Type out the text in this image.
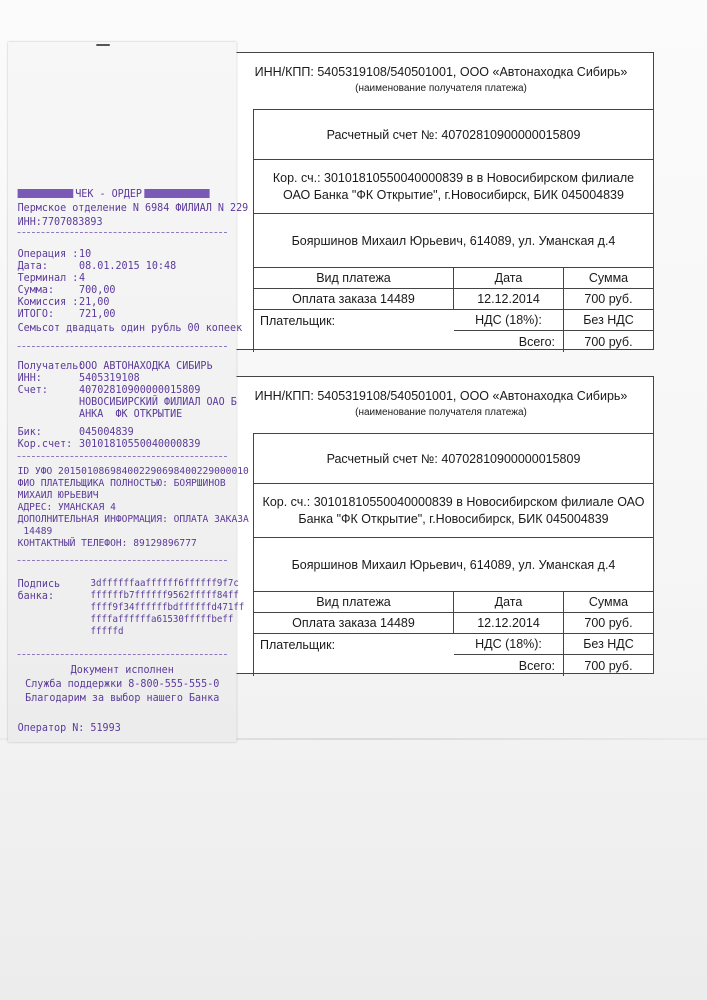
ИНН/КПП: 5405319108/540501001, ООО «Автонаходка Сибирь»
(наименование получателя платежа)
Расчетный счет №: 40702810900000015809
Кор. сч.: 30101810550040000839 в в Новосибирском филиале
ОАО Банка "ФК Открытие", г.Новосибирск, БИК 045004839
Бояршинов Михаил Юрьевич, 614089, ул. Уманская д.4
Вид платежа	Дата	Сумма
Оплата заказа 14489	12.12.2014	700 руб.
Плательщик:	НДС (18%):	Без НДС
Всего:	700 руб.
ИНН/КПП: 5405319108/540501001, ООО «Автонаходка Сибирь»
(наименование получателя платежа)
Расчетный счет №: 40702810900000015809
Кор. сч.: 30101810550040000839 в Новосибирском филиале ОАО
Банка "ФК Открытие", г.Новосибирск, БИК 045004839
Бояршинов Михаил Юрьевич, 614089, ул. Уманская д.4
Вид платежа	Дата	Сумма
Оплата заказа 14489	12.12.2014	700 руб.
Плательщик:	НДС (18%):	Без НДС
Всего:	700 руб.
ЧЕК - ОРДЕР
Пермское отделение N 6984 ФИЛИАЛ N 229
ИНН:7707083893
Операция : 10
Дата:	08.01.2015 10:48
Терминал : 4
Сумма:	700,00
Комиссия : 21,00
ИТОГО:	721,00
Семьсот двадцать один рубль 00 копеек
Получатель:
ООО АВТОНАХОДКА СИБИРЬ
ИНН:	5405319108
Счет:	40702810900000015809
НОВОСИБИРСКИЙ ФИЛИАЛ ОАО Б
АНКА  ФК ОТКРЫТИЕ
Бик:	045004839
Кор.счет: 30101810550040000839
ID УФО 201501086984002290698400229000010
ФИО ПЛАТЕЛЬЩИКА ПОЛНОСТЬЮ: БОЯРШИНОВ
МИХАИЛ ЮРЬЕВИЧ
АДРЕС: УМАНСКАЯ 4
ДОПОЛНИТЕЛЬНАЯ ИНФОРМАЦИЯ: ОПЛАТА ЗАКАЗА
14489
КОНТАКТНЫЙ ТЕЛЕФОН: 89129896777
Подпись
банка:
3dffffffaaffffff6ffffff9f7c
ffffffb7ffffff9562fffff84ff
ffff9f34ffffffbdffffffd471ff
ffffaffffffa61530fffffbeff
fffffd
Документ исполнен
Служба поддержки 8-800-555-555-0
Благодарим за выбор нашего Банка
Оператор N: 51993
